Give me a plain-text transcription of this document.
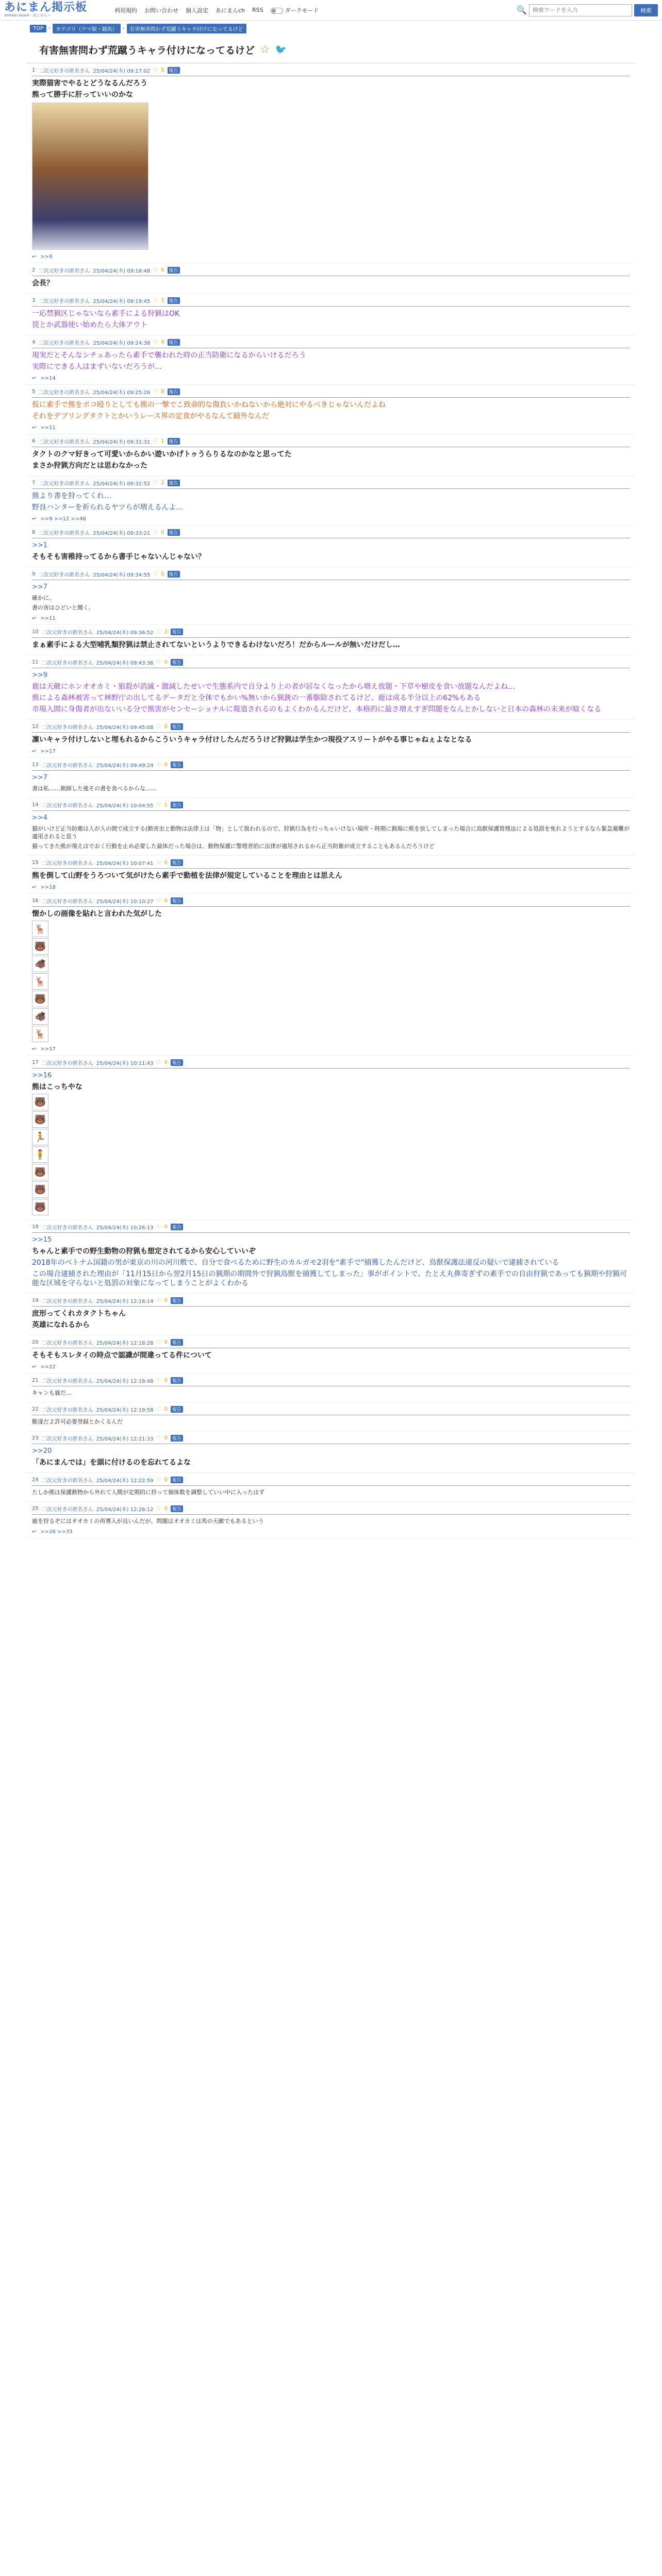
あにまん掲示板
animan board · あにまんー
利用規約 お問い合わせ 個人設定 あにまんch RSS	ダークモード	🔍
検索ワードを入力	検索
TOP	›	カテゴリ（ウマ娘・競馬）	›	有害無害問わず荒蹴うキャラ付けになってるけど
有害無害問わず荒蹴うキャラ付けになってるけど ☆ 🐦
1 二次元好きの匿名さん 25/04/24(木) 09:17:02 ♡ 5	報告
実際猫害でやるとどうなるんだろう
熊って勝手に肝っていいのかな
↩ >>9
2 二次元好きの匿名さん 25/04/24(木) 09:18:48 ♡ 0	報告
会長？
3 二次元好きの匿名さん 25/04/24(木) 09:19:45 ♡ 3	報告
一応禁猟区じゃないなら素手による狩猟はOK
罠とか武器使い始めたら大体アウト
4 二次元好きの匿名さん 25/04/24(木) 09:24:38 ♡ 4	報告
現実だとそんなシチュあったら素手で襲われた時の正当防衛になるからいけるだろう
実際にできる人はまずいないだろうが…
↩ >>14
5 二次元好きの匿名さん 25/04/24(木) 09:25:26 ♡ 8	報告
仮に素手で熊をボコ殴りとしても熊の一撃でこ致命的な傷負いかねないから絶対にやるべきじゃないんだよね
それをデブリングタクトとかいうレース界の定食がやるなんて錆外なんだ
↩ >>11
6 二次元好きの匿名さん 25/04/24(木) 09:31:31 ♡ 1	報告
タクトのクマ好きって可愛いからかい遊いかげトゥうらりるなのかなと思ってた
まさか狩猟方向だとは思わなかった
7 二次元好きの匿名さん 25/04/24(木) 09:32:52 ♡ 2	報告
熊より書を狩ってくれ…
野良ハンターを祈られるヤツらが増えるんよ…
↩ >>9 >>12 >>46
8 二次元好きの匿名さん 25/04/24(木) 09:33:21 ♡ 0	報告
>>1
そもそも害稚持ってるから書手じゃないんじゃない？
9 二次元好きの匿名さん 25/04/24(木) 09:34:55 ♡ 0	報告
>>7
確かに。
書の害はひどいと聞く。
↩ >>11
10 二次元好きの匿名さん 25/04/24(木) 09:36:52 ♡ 2	報告
まぁ素手による大型哺乳類狩猟は禁止されてないというよりできるわけないだろ！だからルールが無いだけだし…
11 二次元好きの匿名さん 25/04/24(木) 09:43:36 ♡ 0	報告
>>9
鹿は天敵にホンオオカミ・狼殺が消滅・激減したせいで生態系内で自分より上の者が居なくなったから増え放題・下草や樹皮を食い放題なんだよね…
熊による森林被害って林野庁の出してるデータだと全体でもかい%無いから猟銃の一番駆除されてるけど、鹿は成る半分以上の62%もある
市場入間に身傷者が出ないいる分で熊害がセンセーショナルに報道されるのもよくわかるんだけど、本格的に最さ増えすぎ問題をなんとかしないと日本の森林の未来が暗くなる
12 二次元好きの匿名さん 25/04/24(木) 09:45:08 ♡ 0	報告
凛いキャラ付けしないと埋もれるからこういうキャラ付けしたんだろうけど狩猟は学生かつ現役アスリートがやる事じゃねぇよなとなる
↩ >>17
13 二次元好きの匿名さん 25/04/24(木) 09:49:24 ♡ 0	報告
>>7
書は私……猟師した後その書を食べるからな……
14 二次元好きの匿名さん 25/04/24(木) 10:04:55 ♡ 1	報告
>>4
猫がいけど正当防衛は人が人の間で成立する(動害虫と動物は法律上は「物」として扱われるので、狩猟行為を行っちゃいけない場所・時期に猟場に熊を放してしまった場合に鳥獣保護管理法による処罰を免れようとするなら緊急避難が適用されると思う
猫ってきた熊が飛えはでおく行動を止め必要した最体だった場合は、動物保護に警理者的に法律が適用されるから正当防衛が成立することもあるんだろうけど
15 二次元好きの匿名さん 25/04/24(木) 10:07:41 ♡ 0	報告
熊を倒して山野をうろついて気がけたら素手で動植を法律が規定していることを理由とは思えん
↩ >>18
16 二次元好きの匿名さん 25/04/24(木) 10:10:27 ♡ 0	報告
懐かしの画像を貼れと言われた気がした
🦌
🐻
🐗
🦌
🐻
🐗
🦌
↩ >>17
17 二次元好きの匿名さん 25/04/24(木) 10:11:43 ♡ 0	報告
>>16
熊はこっちやな
🐻
🐻
🏃
🧍
🐻
🐻
🐻
18 二次元好きの匿名さん 25/04/24(木) 10:26:13 ♡ 0	報告
>>15
ちゃんと素手での野生動物の狩猟も想定されてるから安心していいぞ
2018年のベトナム国籍の男が東京の川の河川敷で、自分で食べるために野生のカルガモ2羽を"素手で"捕獲したんだけど、鳥獣保護法違反の疑いで逮捕されている
この場合逮捕された理由が「11月15日から翌2月15日の猟期の期間外で狩猟鳥獣を捕獲してしまった」事がポイントで、たとえ丸鼻寄ぎずの素手での自由狩猟であっても猟期や狩猟可能な区域を守らないと処罰の対象になってしまうことがよくわかる
19 二次元好きの匿名さん 25/04/24(木) 12:16:14 ♡ 0	報告
庶形ってくれカタクトちゃん
英雄になれるから
20 二次元好きの匿名さん 25/04/24(木) 12:18:28 ♡ 0	報告
そもそもスレタイの時点で認識が間違ってる件について
↩ >>22
21 二次元好きの匿名さん 25/04/24(木) 12:18:48 ♡ 0	報告
キャンも鹿だ…
22 二次元好きの匿名さん 25/04/24(木) 12:19:58 ♡ 0	報告
駆逐だよ許可必要登録とかくるんだ
23 二次元好きの匿名さん 25/04/24(木) 12:21:33 ♡ 0	報告
>>20
「あにまんでは」を頭に付けるのを忘れてるよな
24 二次元好きの匿名さん 25/04/24(木) 12:22:59 ♡ 0	報告
たしか熊は保護動物から外れて人間が定期的に狩って個体数を調整していい中に入ったはず
25 二次元好きの匿名さん 25/04/24(木) 12:26:12 ♡ 0	報告
鹿を狩るぞにはオオカミの再導入が良いんだが、問題はオオカミは馬の天敵でもあるという
↩ >>26 >>33
